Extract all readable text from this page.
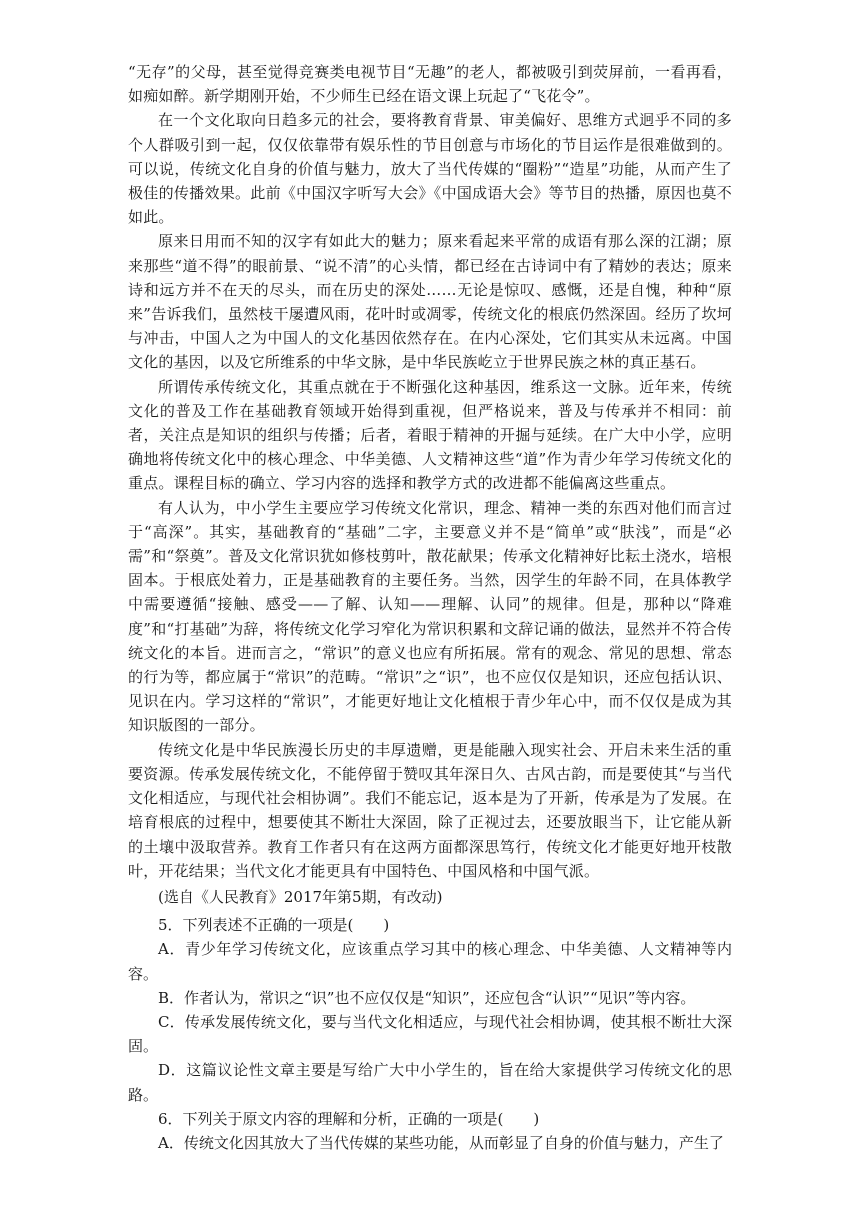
“无存”的父母，甚至觉得竞赛类电视节目“无趣”的老人，都被吸引到荧屏前，一看再看，如痴如醉。新学期刚开始，不少师生已经在语文课上玩起了“飞花令”。

在一个文化取向日趋多元的社会，要将教育背景、审美偏好、思维方式迥乎不同的多个人群吸引到一起，仅仅依靠带有娱乐性的节目创意与市场化的节目运作是很难做到的。可以说，传统文化自身的价值与魅力，放大了当代传媒的“圈粉”“造星”功能，从而产生了极佳的传播效果。此前《中国汉字听写大会》《中国成语大会》等节目的热播，原因也莫不如此。

原来日用而不知的汉字有如此大的魅力；原来看起来平常的成语有那么深的江湖；原来那些“道不得”的眼前景、“说不清”的心头情，都已经在古诗词中有了精妙的表达；原来诗和远方并不在天的尽头，而在历史的深处……无论是惊叹、感慨，还是自愧，种种“原来”告诉我们，虽然枝干屡遭风雨，花叶时或凋零，传统文化的根底仍然深固。经历了坎坷与冲击，中国人之为中国人的文化基因依然存在。在内心深处，它们其实从未远离。中国文化的基因，以及它所维系的中华文脉，是中华民族屹立于世界民族之林的真正基石。

所谓传承传统文化，其重点就在于不断强化这种基因，维系这一文脉。近年来，传统文化的普及工作在基础教育领域开始得到重视，但严格说来，普及与传承并不相同：前者，关注点是知识的组织与传播；后者，着眼于精神的开掘与延续。在广大中小学，应明确地将传统文化中的核心理念、中华美德、人文精神这些“道”作为青少年学习传统文化的重点。课程目标的确立、学习内容的选择和教学方式的改进都不能偏离这些重点。

有人认为，中小学生主要应学习传统文化常识，理念、精神一类的东西对他们而言过于“高深”。其实，基础教育的“基础”二字，主要意义并不是“简单”或“肤浅”，而是“必需”和“祭奠”。普及文化常识犹如修枝剪叶，散花献果；传承文化精神好比耘土浇水，培根固本。于根底处着力，正是基础教育的主要任务。当然，因学生的年龄不同，在具体教学中需要遵循“接触、感受——了解、认知——理解、认同”的规律。但是，那种以“降难度”和“打基础”为辞，将传统文化学习窄化为常识积累和文辞记诵的做法，显然并不符合传统文化的本旨。进而言之，“常识”的意义也应有所拓展。常有的观念、常见的思想、常态的行为等，都应属于“常识”的范畴。“常识”之“识”，也不应仅仅是知识，还应包括认识、见识在内。学习这样的“常识”，才能更好地让文化植根于青少年心中，而不仅仅是成为其知识版图的一部分。

传统文化是中华民族漫长历史的丰厚遗赠，更是能融入现实社会、开启未来生活的重要资源。传承发展传统文化，不能停留于赞叹其年深日久、古风古韵，而是要使其“与当代文化相适应，与现代社会相协调”。我们不能忘记，返本是为了开新，传承是为了发展。在培育根底的过程中，想要使其不断壮大深固，除了正视过去，还要放眼当下，让它能从新的土壤中汲取营养。教育工作者只有在这两方面都深思笃行，传统文化才能更好地开枝散叶，开花结果；当代文化才能更具有中国特色、中国风格和中国气派。

(选自《人民教育》2017年第5期，有改动)

5．下列表述不正确的一项是(　　)

A．青少年学习传统文化，应该重点学习其中的核心理念、中华美德、人文精神等内容。

B．作者认为，常识之“识”也不应仅仅是“知识”，还应包含“认识”“见识”等内容。

C．传承发展传统文化，要与当代文化相适应，与现代社会相协调，使其根不断壮大深固。

D．这篇议论性文章主要是写给广大中小学生的，旨在给大家提供学习传统文化的思路。

6．下列关于原文内容的理解和分析，正确的一项是(　　)

A．传统文化因其放大了当代传媒的某些功能，从而彰显了自身的价值与魅力，产生了
